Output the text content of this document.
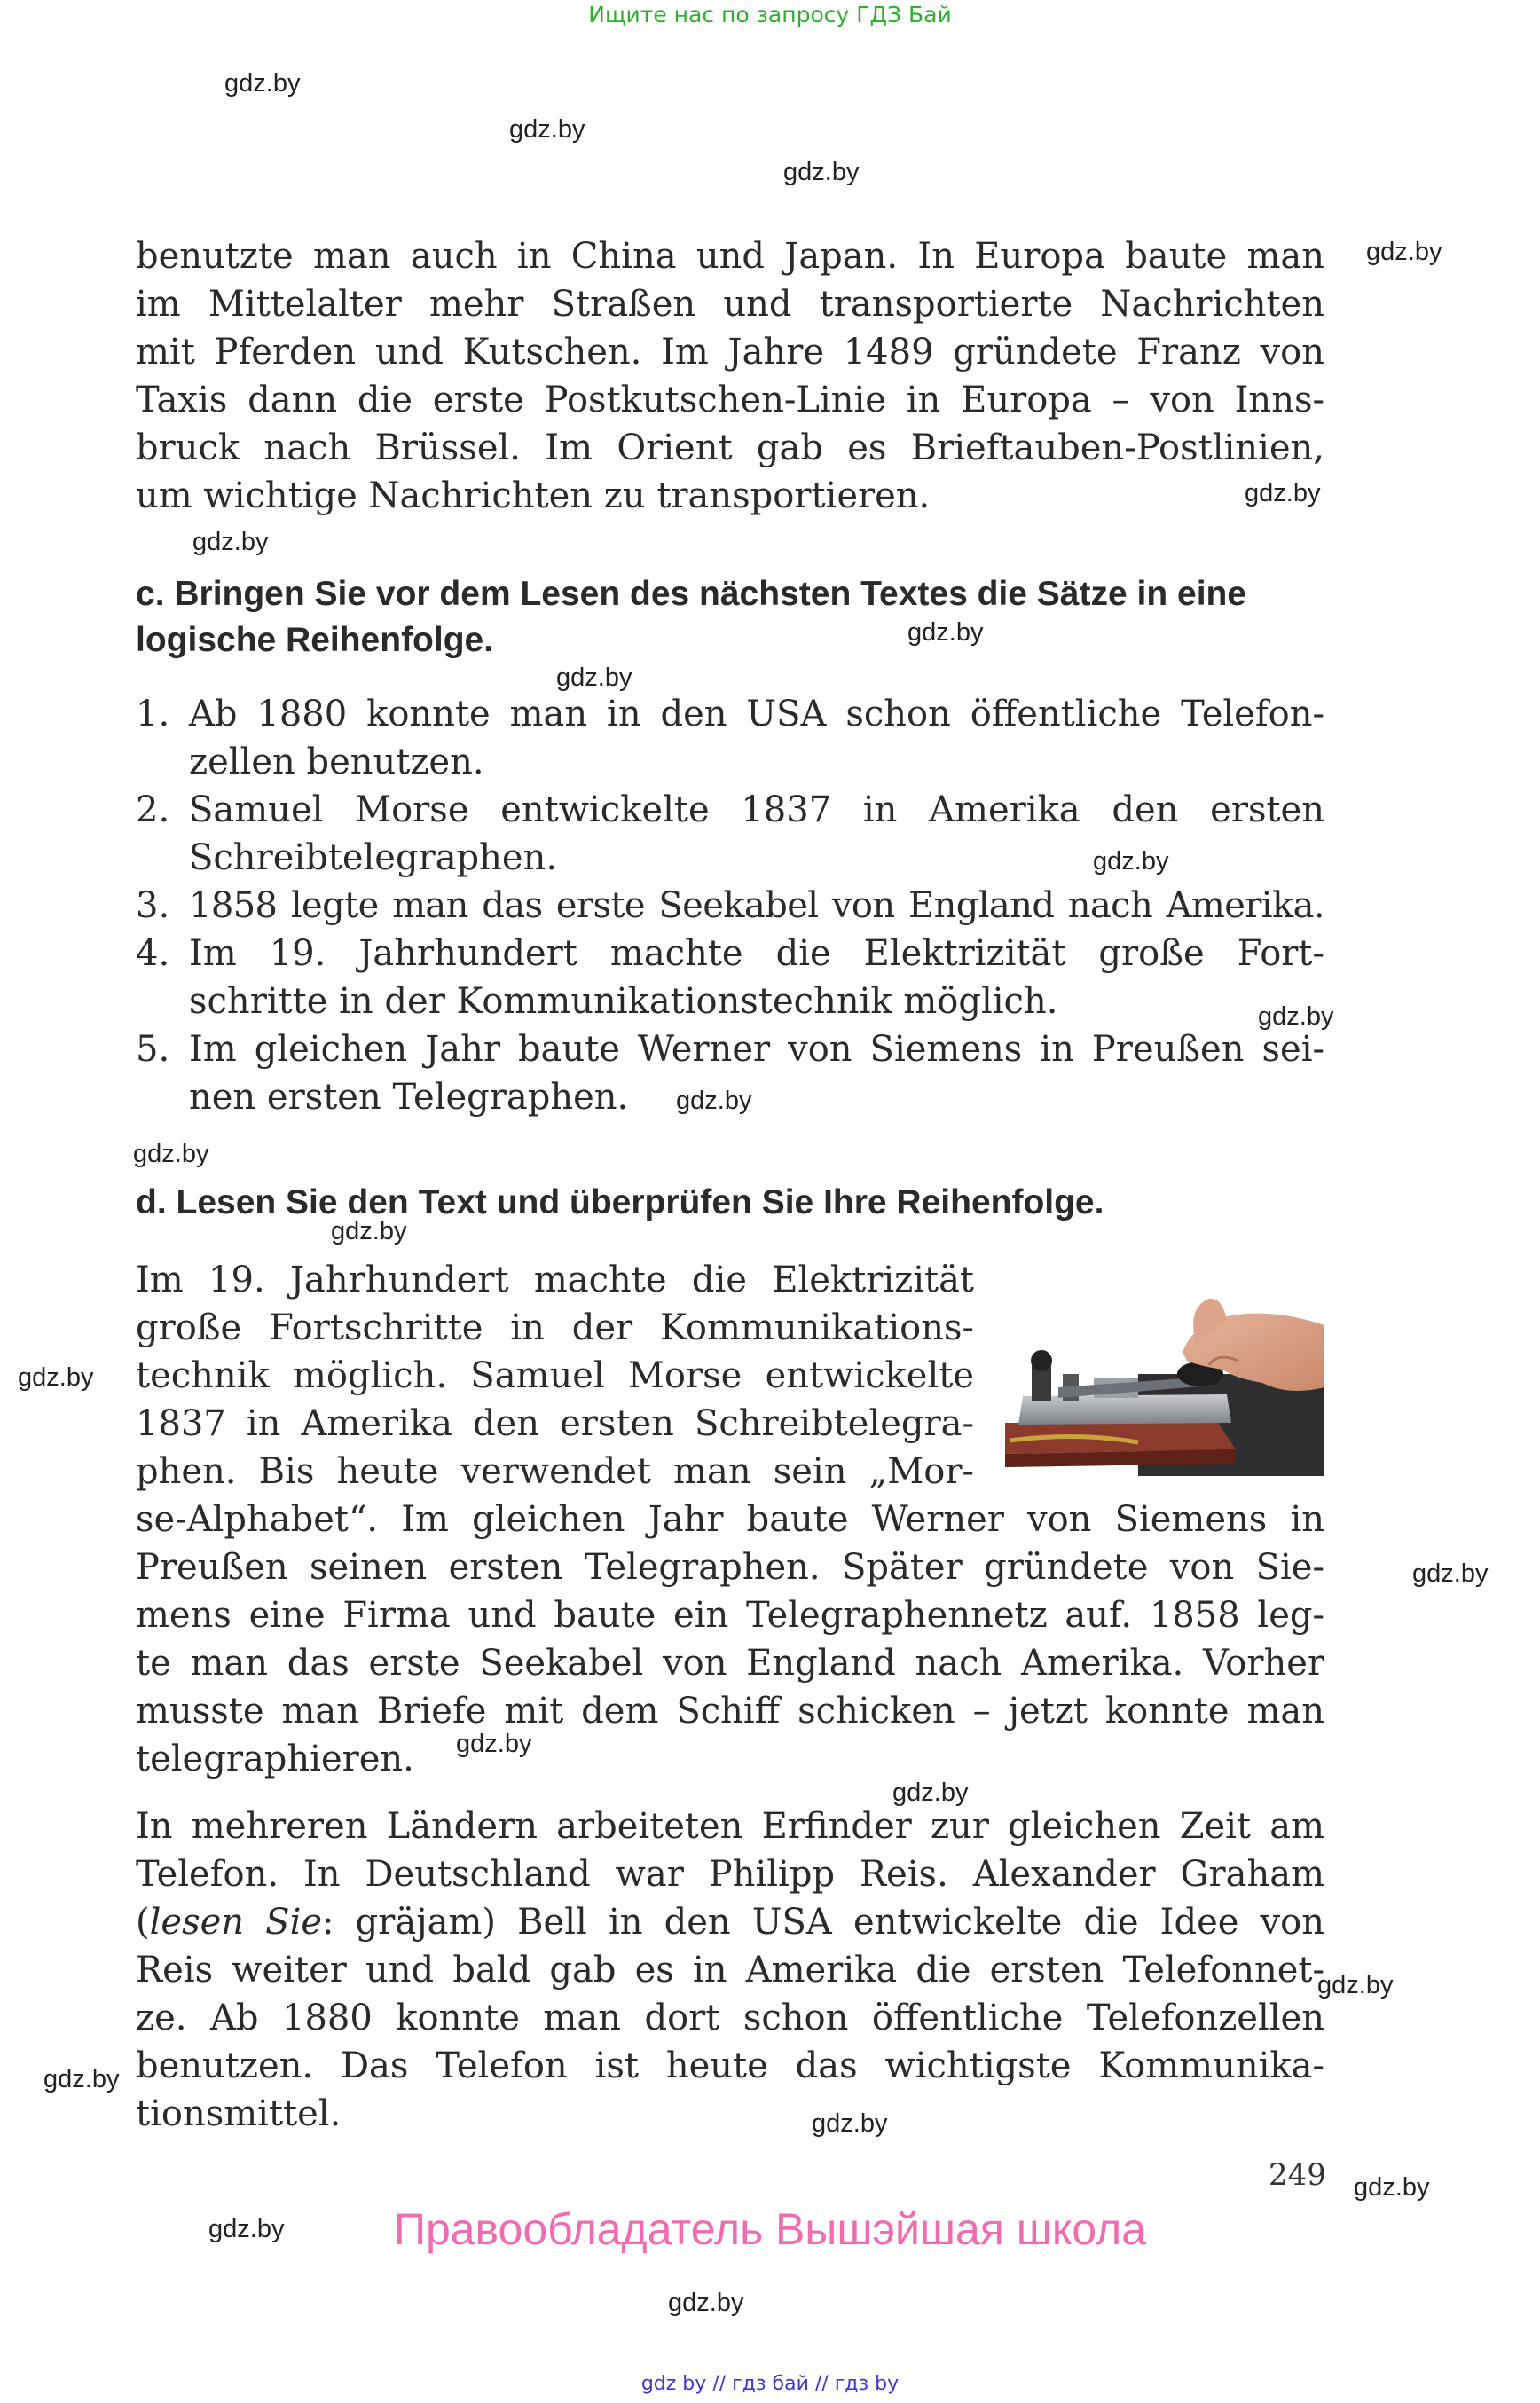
Ищите нас по запросу ГДЗ Бай
gdz.by
gdz.by
gdz.by
gdz.by
gdz.by
gdz.by
gdz.by
gdz.by
gdz.by
gdz.by
gdz.by
gdz.by
gdz.by
gdz.by
gdz.by
gdz.by
gdz.by
gdz.by
gdz.by
gdz.by
gdz.by
gdz.by
gdz.by
benutzte man auch in China und Japan. In Europa baute man
im Mittelalter mehr Straßen und transportierte Nachrichten
mit Pferden und Kutschen. Im Jahre 1489 gründete Franz von
Taxis dann die erste Postkutschen-Linie in Europa – von Inns-
bruck nach Brüssel. Im Orient gab es Brieftauben-Postlinien,
um wichtige Nachrichten zu transportieren.
c. Bringen Sie vor dem Lesen des nächsten Textes die Sätze in eine
logische Reihenfolge.
1. Ab 1880 konnte man in den USA schon öffentliche Telefon-
zellen benutzen.
2. Samuel Morse entwickelte 1837 in Amerika den ersten
Schreibtelegraphen.
3. 1858 legte man das erste Seekabel von England nach Amerika.
4. Im 19. Jahrhundert machte die Elektrizität große Fort-
schritte in der Kommunikationstechnik möglich.
5. Im gleichen Jahr baute Werner von Siemens in Preußen sei-
nen ersten Telegraphen.
d. Lesen Sie den Text und überprüfen Sie Ihre Reihenfolge.
Im 19. Jahrhundert machte die Elektrizität
große Fortschritte in der Kommunikations-
technik möglich. Samuel Morse entwickelte
1837 in Amerika den ersten Schreibtelegra-
phen. Bis heute verwendet man sein „Mor-
se-Alphabet“. Im gleichen Jahr baute Werner von Siemens in
Preußen seinen ersten Telegraphen. Später gründete von Sie-
mens eine Firma und baute ein Telegraphennetz auf. 1858 leg-
te man das erste Seekabel von England nach Amerika. Vorher
musste man Briefe mit dem Schiff schicken – jetzt konnte man
telegraphieren.
In mehreren Ländern arbeiteten Erfinder zur gleichen Zeit am
Telefon. In Deutschland war Philipp Reis. Alexander Graham
(lesen Sie: gräjam) Bell in den USA entwickelte die Idee von
Reis weiter und bald gab es in Amerika die ersten Telefonnet-
ze. Ab 1880 konnte man dort schon öffentliche Telefonzellen
benutzen. Das Telefon ist heute das wichtigste Kommunika-
tionsmittel.
249
Правообладатель Вышэйшая школа
gdz by // гдз бай // гдз by
